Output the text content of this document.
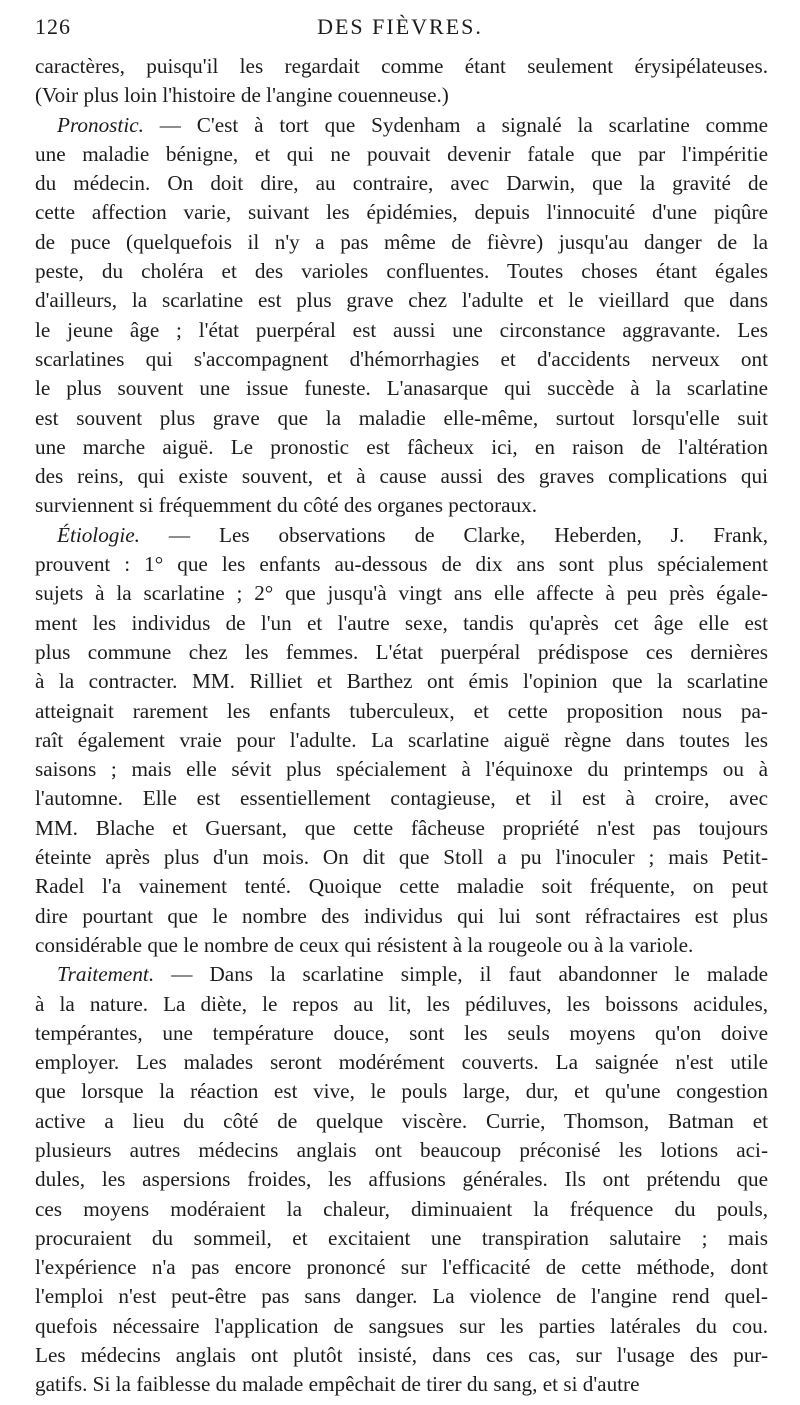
126	DES FIÈVRES.

caractères, puisqu'il les regardait comme étant seulement érysipélateuses.

(Voir plus loin l'histoire de l'angine couenneuse.)

Pronostic. — C'est à tort que Sydenham a signalé la scarlatine comme

une maladie bénigne, et qui ne pouvait devenir fatale que par l'impéritie

du médecin. On doit dire, au contraire, avec Darwin, que la gravité de

cette affection varie, suivant les épidémies, depuis l'innocuité d'une piqûre

de puce (quelquefois il n'y a pas même de fièvre) jusqu'au danger de la

peste, du choléra et des varioles confluentes. Toutes choses étant égales

d'ailleurs, la scarlatine est plus grave chez l'adulte et le vieillard que dans

le jeune âge ; l'état puerpéral est aussi une circonstance aggravante. Les

scarlatines qui s'accompagnent d'hémorrhagies et d'accidents nerveux ont

le plus souvent une issue funeste. L'anasarque qui succède à la scarlatine

est souvent plus grave que la maladie elle-même, surtout lorsqu'elle suit

une marche aiguë. Le pronostic est fâcheux ici, en raison de l'altération

des reins, qui existe souvent, et à cause aussi des graves complications qui

surviennent si fréquemment du côté des organes pectoraux.

Étiologie. — Les observations de Clarke, Heberden, J. Frank,

prouvent : 1° que les enfants au-dessous de dix ans sont plus spécialement

sujets à la scarlatine ; 2° que jusqu'à vingt ans elle affecte à peu près égale-

ment les individus de l'un et l'autre sexe, tandis qu'après cet âge elle est

plus commune chez les femmes. L'état puerpéral prédispose ces dernières

à la contracter. MM. Rilliet et Barthez ont émis l'opinion que la scarlatine

atteignait rarement les enfants tuberculeux, et cette proposition nous pa-

raît également vraie pour l'adulte. La scarlatine aiguë règne dans toutes les

saisons ; mais elle sévit plus spécialement à l'équinoxe du printemps ou à

l'automne. Elle est essentiellement contagieuse, et il est à croire, avec

MM. Blache et Guersant, que cette fâcheuse propriété n'est pas toujours

éteinte après plus d'un mois. On dit que Stoll a pu l'inoculer ; mais Petit-

Radel l'a vainement tenté. Quoique cette maladie soit fréquente, on peut

dire pourtant que le nombre des individus qui lui sont réfractaires est plus

considérable que le nombre de ceux qui résistent à la rougeole ou à la variole.

Traitement. — Dans la scarlatine simple, il faut abandonner le malade

à la nature. La diète, le repos au lit, les pédiluves, les boissons acidules,

tempérantes, une température douce, sont les seuls moyens qu'on doive

employer. Les malades seront modérément couverts. La saignée n'est utile

que lorsque la réaction est vive, le pouls large, dur, et qu'une congestion

active a lieu du côté de quelque viscère. Currie, Thomson, Batman et

plusieurs autres médecins anglais ont beaucoup préconisé les lotions aci-

dules, les aspersions froides, les affusions générales. Ils ont prétendu que

ces moyens modéraient la chaleur, diminuaient la fréquence du pouls,

procuraient du sommeil, et excitaient une transpiration salutaire ; mais

l'expérience n'a pas encore prononcé sur l'efficacité de cette méthode, dont

l'emploi n'est peut-être pas sans danger. La violence de l'angine rend quel-

quefois nécessaire l'application de sangsues sur les parties latérales du cou.

Les médecins anglais ont plutôt insisté, dans ces cas, sur l'usage des pur-

gatifs. Si la faiblesse du malade empêchait de tirer du sang, et si d'autre
